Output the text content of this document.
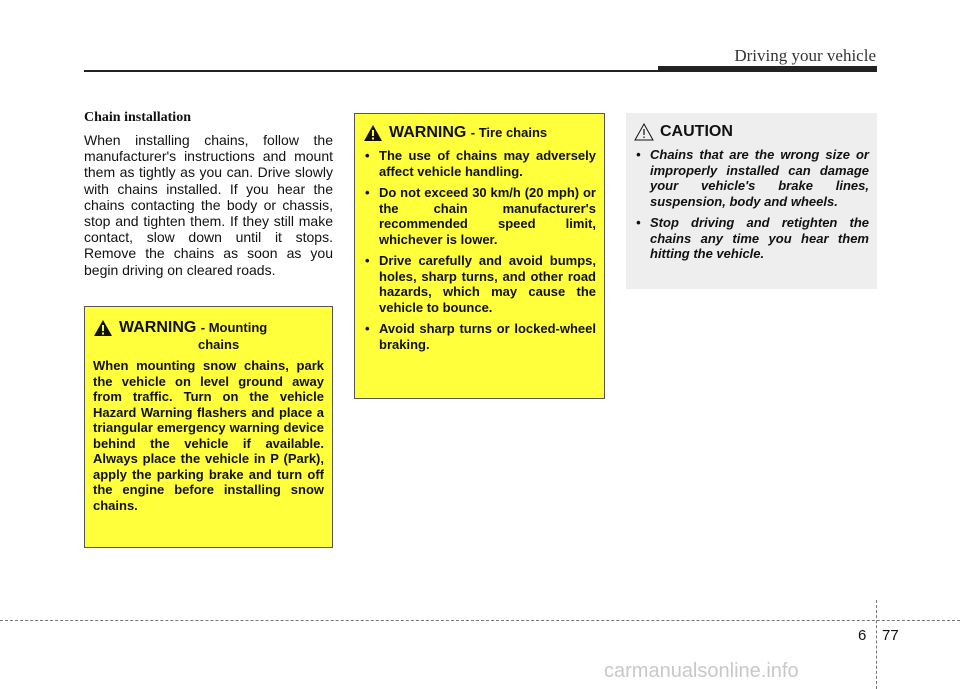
Driving your vehicle
Chain installation

When installing chains, follow the manufacturer's instructions and mount them as tightly as you can. Drive slowly with chains installed. If you hear the chains contacting the body or chassis, stop and tighten them. If they still make contact, slow down until it stops. Remove the chains as soon as you begin driving on cleared roads.

WARNING - Mounting
chains

When mounting snow chains, park the vehicle on level ground away from traffic. Turn on the vehicle Hazard Warning flashers and place a triangular emergency warning device behind the vehicle if available. Always place the vehicle in P (Park), apply the parking brake and turn off the engine before installing snow chains.

WARNING - Tire chains
• The use of chains may adversely affect vehicle handling.
• Do not exceed 30 km/h (20 mph) or the chain manufacturer's recommended speed limit, whichever is lower.
• Drive carefully and avoid bumps, holes, sharp turns, and other road hazards, which may cause the vehicle to bounce.
• Avoid sharp turns or locked-wheel braking.
CAUTION
• Chains that are the wrong size or improperly installed can damage your vehicle's brake lines, suspension, body and wheels.
• Stop driving and retighten the chains any time you hear them hitting the vehicle.
6 77
carmanualsonline.info
